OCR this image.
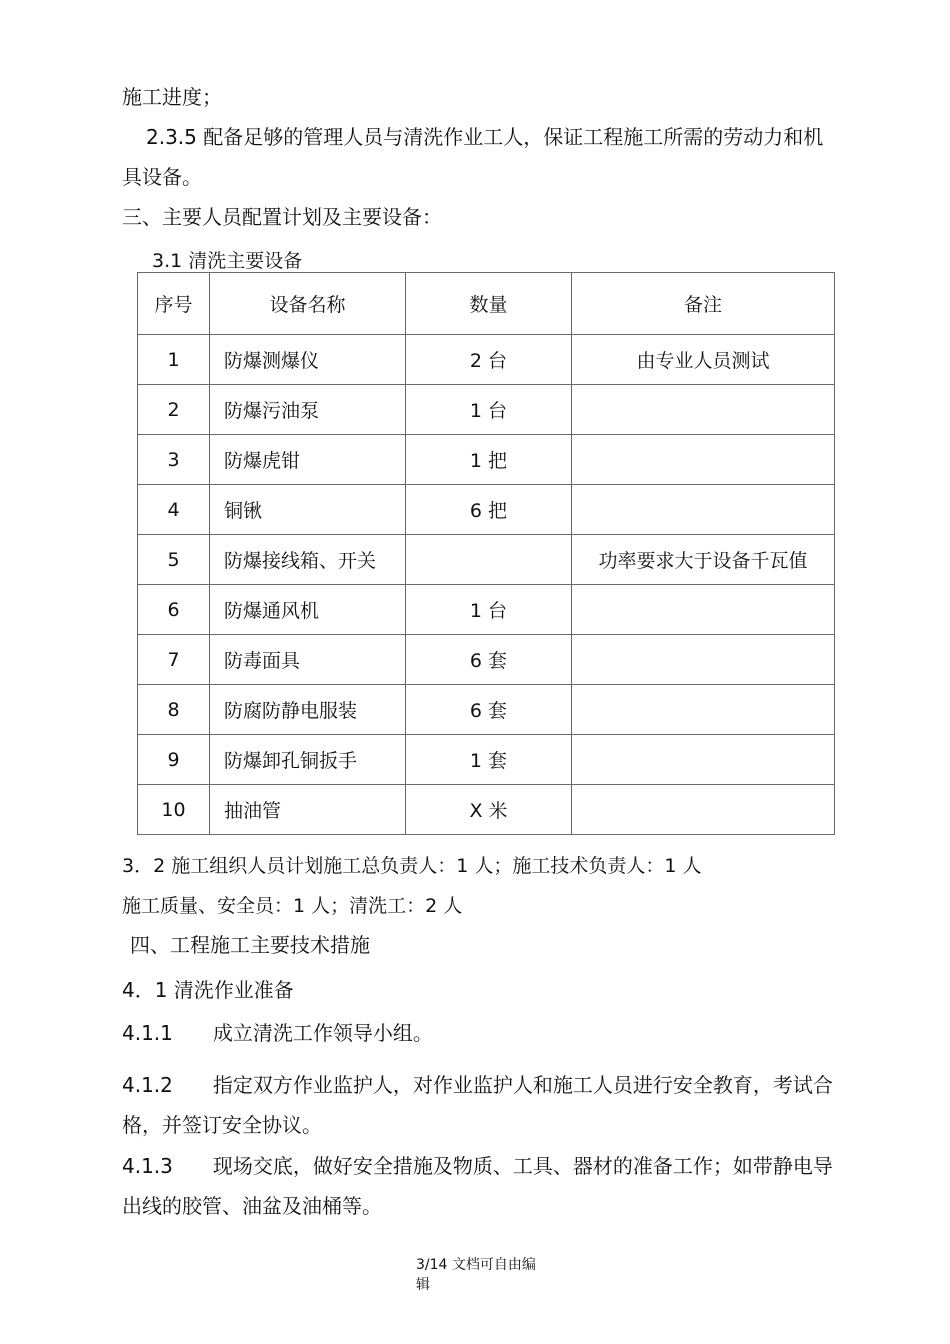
施工进度；
2.3.5 配备足够的管理人员与清洗作业工人，保证工程施工所需的劳动力和机
具设备。
三、主要人员配置计划及主要设备：
3.1 清洗主要设备
序号	设备名称	数量	备注
1	防爆测爆仪	2 台	由专业人员测试
2	防爆污油泵	1 台	
3	防爆虎钳	1 把	
4	铜锹	6 把	
5	防爆接线箱、开关		功率要求大于设备千瓦值
6	防爆通风机	1 台	
7	防毒面具	6 套	
8	防腐防静电服装	6 套	
9	防爆卸孔铜扳手	1 套	
10	抽油管	X 米	
3．2 施工组织人员计划施工总负责人：1 人；施工技术负责人：1 人
施工质量、安全员：1 人；清洗工：2 人
四、工程施工主要技术措施
4．1 清洗作业准备
4.1.1　　成立清洗工作领导小组。
4.1.2　　指定双方作业监护人，对作业监护人和施工人员进行安全教育，考试合
格，并签订安全协议。
4.1.3　　现场交底，做好安全措施及物质、工具、器材的准备工作；如带静电导
出线的胶管、油盆及油桶等。
3/14 文档可自由编
辑
